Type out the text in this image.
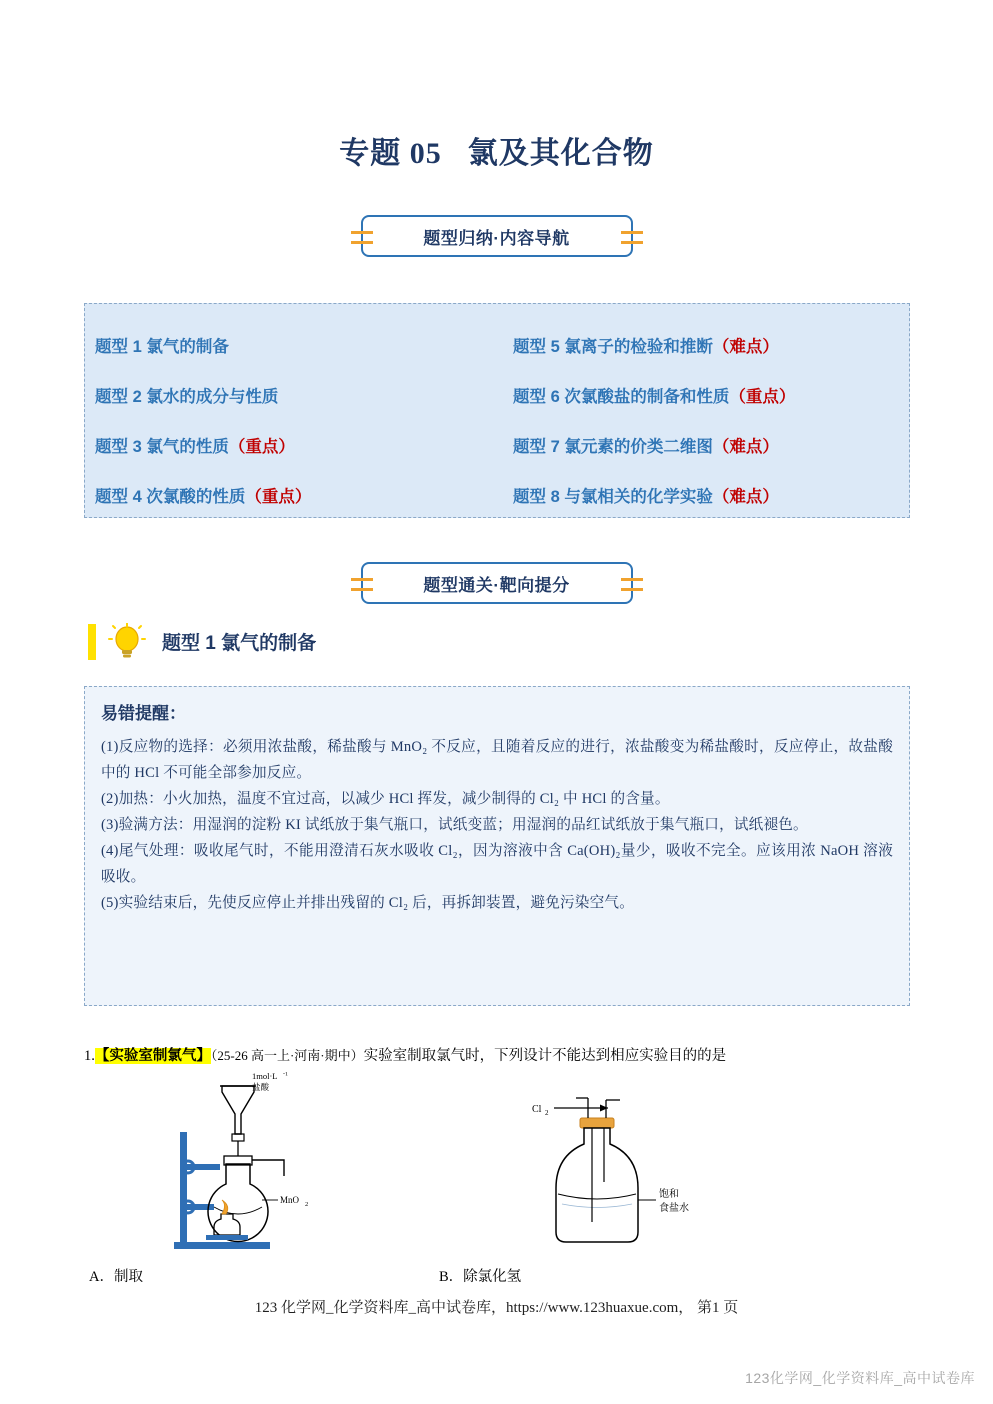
专题 05 氯及其化合物
题型归纳·内容导航
题型 1 氯气的制备
题型 2 氯水的成分与性质
题型 3 氯气的性质（重点）
题型 4 次氯酸的性质（重点）
题型 5 氯离子的检验和推断（难点）
题型 6 次氯酸盐的制备和性质（重点）
题型 7 氯元素的价类二维图（难点）
题型 8 与氯相关的化学实验（难点）
题型通关·靶向提分
题型 1 氯气的制备
易错提醒：
(1)反应物的选择：必须用浓盐酸，稀盐酸与 MnO₂ 不反应，且随着反应的进行，浓盐酸变为稀盐酸时，反应停止，故盐酸中的 HCl 不可能全部参加反应。
(2)加热：小火加热，温度不宜过高，以减少 HCl 挥发，减少制得的 Cl₂ 中 HCl 的含量。
(3)验满方法：用湿润的淀粉 KI 试纸放于集气瓶口，试纸变蓝；用湿润的品红试纸放于集气瓶口，试纸褪色。
(4)尾气处理：吸收尾气时，不能用澄清石灰水吸收 Cl₂，因为溶液中含 Ca(OH)₂量少，吸收不完全。应该用浓 NaOH 溶液吸收。
(5)实验结束后，先使反应停止并排出残留的 Cl₂ 后，再拆卸装置，避免污染空气。
1.【实验室制氯气】（25-26 高一上·河南·期中）实验室制取氯气时，下列设计不能达到相应实验目的的是
1mol·L -1
盐酸
MnO 2
A．制取
Cl 2
饱和
食盐水
B．除氯化氢
123 化学网_化学资料库_高中试卷库，https://www.123huaxue.com， 第1 页
123化学网_化学资料库_高中试卷库
